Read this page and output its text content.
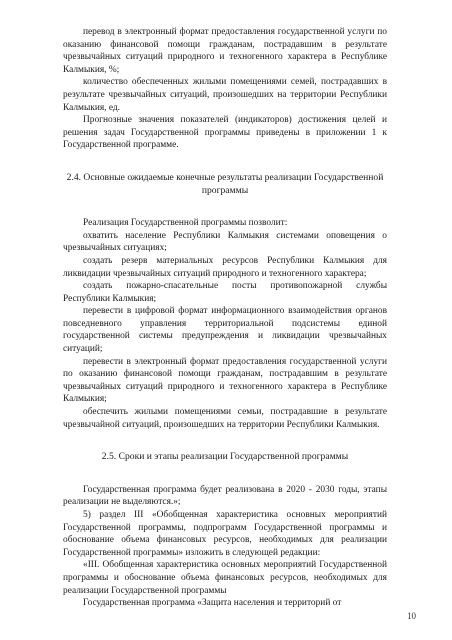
перевод в электронный формат предоставления государственной услуги по оказанию финансовой помощи гражданам, пострадавшим в результате чрезвычайных ситуаций природного и техногенного характера в Республике Калмыкия, %;

количество обеспеченных жилыми помещениями семей, пострадавших в результате чрезвычайных ситуаций, произошедших на территории Республики Калмыкия, ед.

Прогнозные значения показателей (индикаторов) достижения целей и решения задач Государственной программы приведены в приложении 1 к Государственной программе.

2.4. Основные ожидаемые конечные результаты реализации Государственной программы

Реализация Государственной программы позволит:

охватить население Республики Калмыкия системами оповещения о чрезвычайных ситуациях;

создать резерв материальных ресурсов Республики Калмыкия для ликвидации чрезвычайных ситуаций природного и техногенного характера;

создать пожарно-спасательные посты противопожарной службы Республики Калмыкия;

перевести в цифровой формат информационного взаимодействия органов повседневного управления территориальной подсистемы единой государственной системы предупреждения и ликвидации чрезвычайных ситуаций;

перевести в электронный формат предоставления государственной услуги по оказанию финансовой помощи гражданам, пострадавшим в результате чрезвычайных ситуаций природного и техногенного характера в Республике Калмыкия;

обеспечить жилыми помещениями семьи, пострадавшие в результате чрезвычайной ситуаций, произошедших на территории Республики Калмыкия.

2.5. Сроки и этапы реализации Государственной программы

Государственная программа будет реализована в 2020 - 2030 годы, этапы реализации не выделяются.»;

5) раздел III «Обобщенная характеристика основных мероприятий Государственной программы, подпрограмм Государственной программы и обоснование объема финансовых ресурсов, необходимых для реализации Государственной программы» изложить в следующей редакции:

«III. Обобщенная характеристика основных мероприятий Государственной программы и обоснование объема финансовых ресурсов, необходимых для реализации Государственной программы

Государственная программа «Защита населения и территорий от

10
